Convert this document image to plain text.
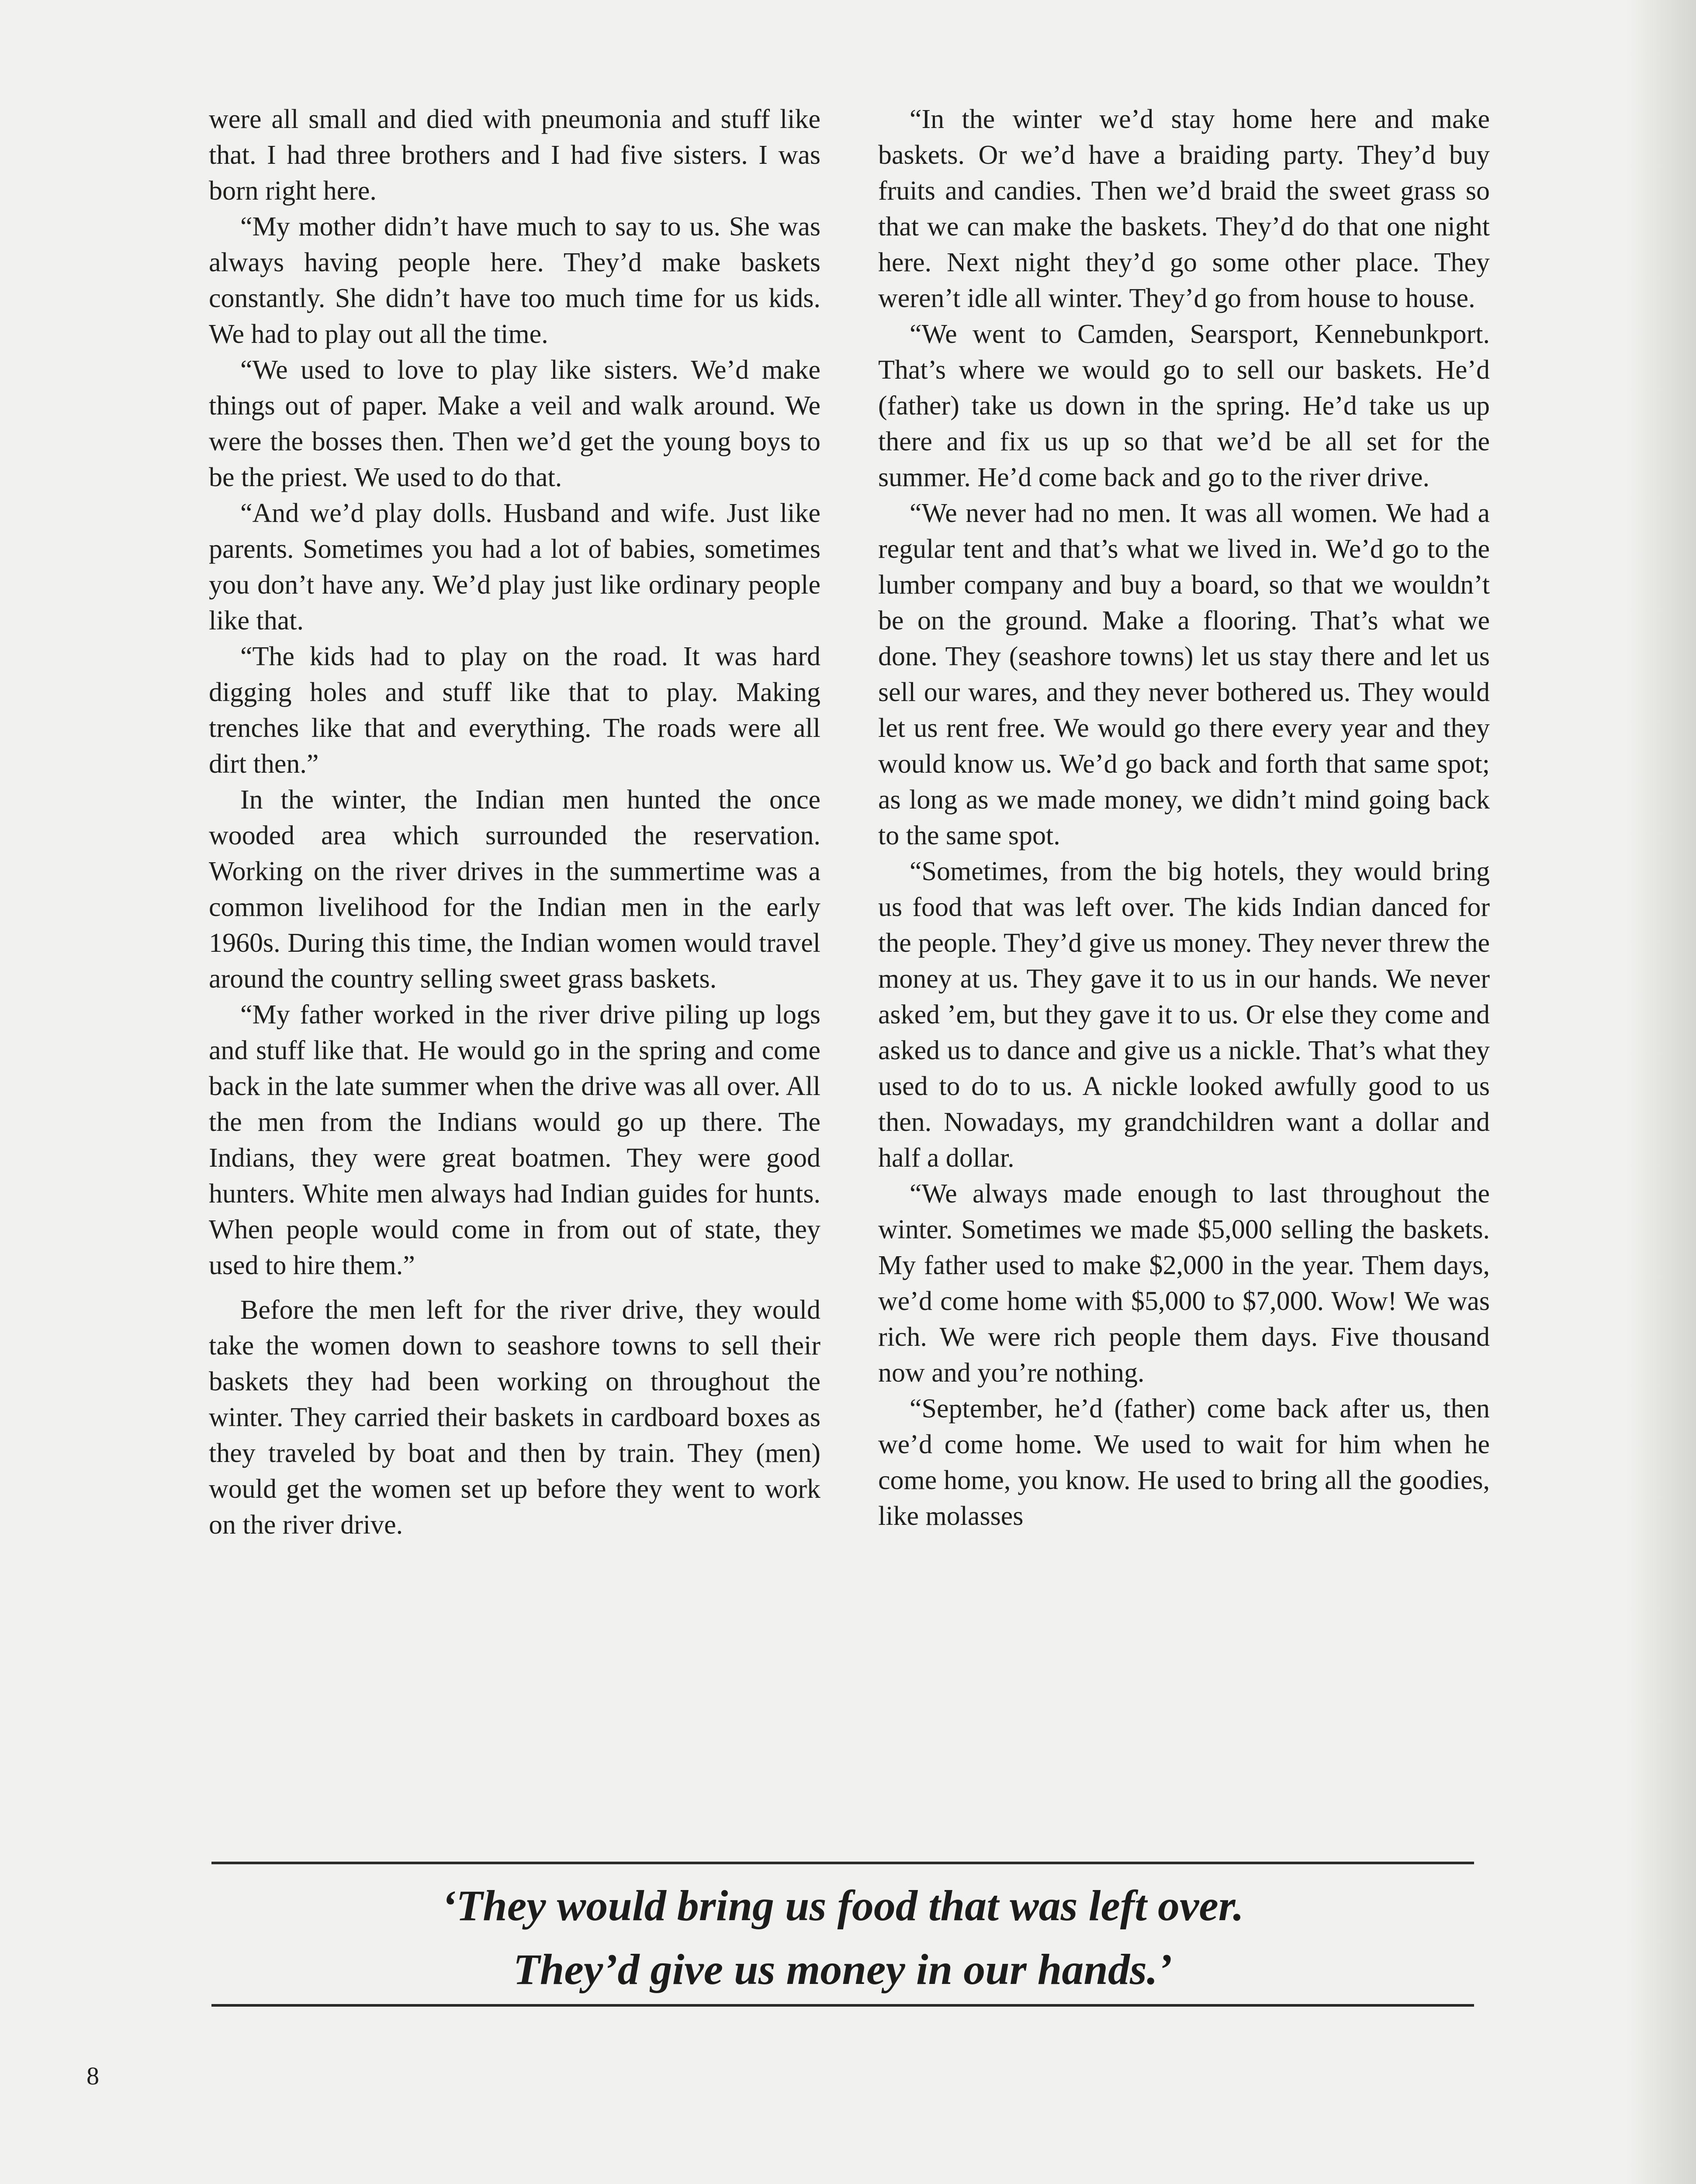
were all small and died with pneumonia and stuff like that. I had three brothers and I had five sisters. I was born right here.

“My mother didn’t have much to say to us. She was always having people here. They’d make baskets constantly. She didn’t have too much time for us kids. We had to play out all the time.

“We used to love to play like sisters. We’d make things out of paper. Make a veil and walk around. We were the bosses then. Then we’d get the young boys to be the priest. We used to do that.

“And we’d play dolls. Husband and wife. Just like parents. Sometimes you had a lot of babies, sometimes you don’t have any. We’d play just like ordinary people like that.

“The kids had to play on the road. It was hard digging holes and stuff like that to play. Making trenches like that and everything. The roads were all dirt then.”

In the winter, the Indian men hunted the once wooded area which surrounded the reservation. Working on the river drives in the summertime was a common livelihood for the Indian men in the early 1960s. During this time, the Indian women would travel around the country selling sweet grass baskets.

“My father worked in the river drive piling up logs and stuff like that. He would go in the spring and come back in the late summer when the drive was all over. All the men from the Indians would go up there. The Indians, they were great boatmen. They were good hunters. White men always had Indian guides for hunts. When people would come in from out of state, they used to hire them.”

Before the men left for the river drive, they would take the women down to seashore towns to sell their baskets they had been working on throughout the winter. They carried their baskets in cardboard boxes as they traveled by boat and then by train. They (men) would get the women set up before they went to work on the river drive.

“In the winter we’d stay home here and make baskets. Or we’d have a braiding party. They’d buy fruits and candies. Then we’d braid the sweet grass so that we can make the baskets. They’d do that one night here. Next night they’d go some other place. They weren’t idle all winter. They’d go from house to house.

“We went to Camden, Searsport, Kennebunkport. That’s where we would go to sell our baskets. He’d (father) take us down in the spring. He’d take us up there and fix us up so that we’d be all set for the summer. He’d come back and go to the river drive.

“We never had no men. It was all women. We had a regular tent and that’s what we lived in. We’d go to the lumber company and buy a board, so that we wouldn’t be on the ground. Make a flooring. That’s what we done. They (seashore towns) let us stay there and let us sell our wares, and they never bothered us. They would let us rent free. We would go there every year and they would know us. We’d go back and forth that same spot; as long as we made money, we didn’t mind going back to the same spot.

“Sometimes, from the big hotels, they would bring us food that was left over. The kids Indian danced for the people. They’d give us money. They never threw the money at us. They gave it to us in our hands. We never asked ’em, but they gave it to us. Or else they come and asked us to dance and give us a nickle. That’s what they used to do to us. A nickle looked awfully good to us then. Nowadays, my grandchildren want a dollar and half a dollar.

“We always made enough to last throughout the winter. Sometimes we made $5,000 selling the baskets. My father used to make $2,000 in the year. Them days, we’d come home with $5,000 to $7,000. Wow! We was rich. We were rich people them days. Five thousand now and you’re nothing.

“September, he’d (father) come back after us, then we’d come home. We used to wait for him when he come home, you know. He used to bring all the goodies, like molasses

‘They would bring us food that was left over.
They’d give us money in our hands.’
8
